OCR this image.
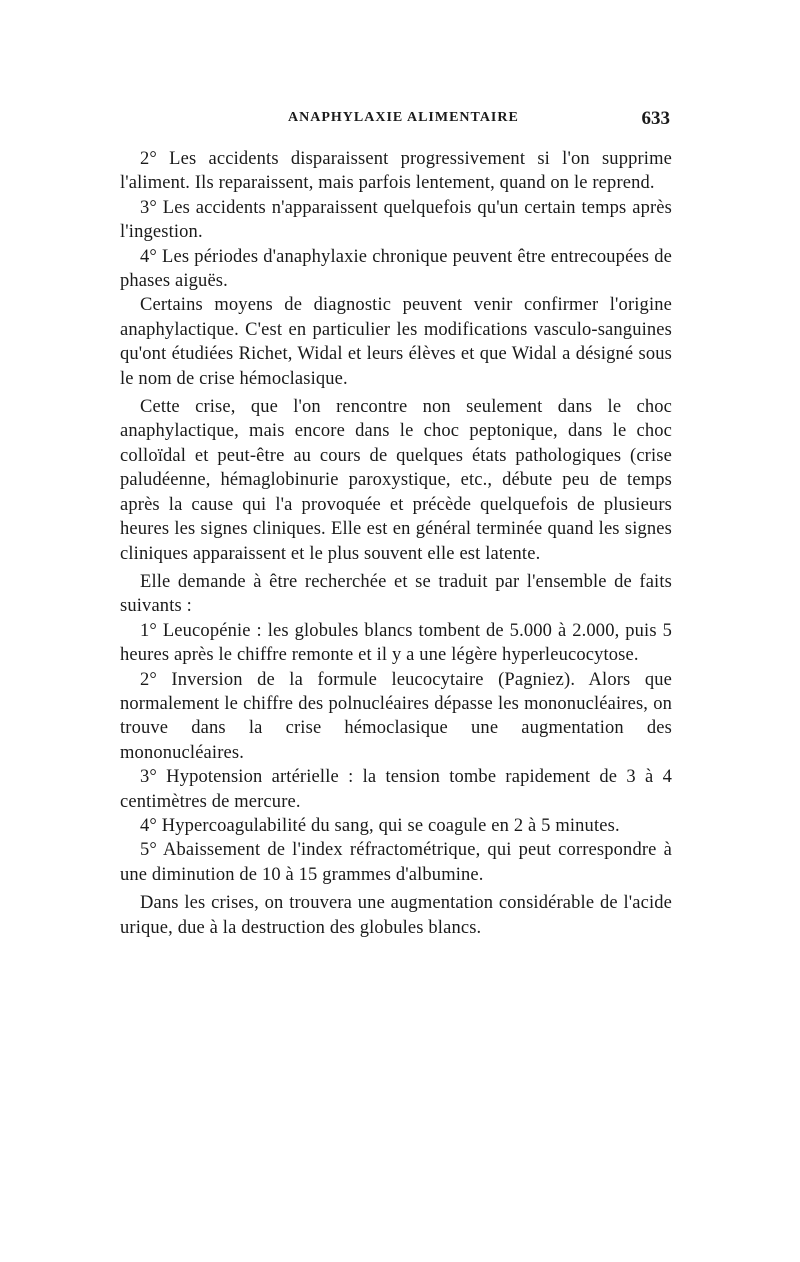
ANAPHYLAXIE ALIMENTAIRE	633

2° Les accidents disparaissent progressivement si l'on supprime l'aliment. Ils reparaissent, mais parfois lentement, quand on le reprend.

3° Les accidents n'apparaissent quelquefois qu'un certain temps après l'ingestion.

4° Les périodes d'anaphylaxie chronique peuvent être entrecoupées de phases aiguës.

Certains moyens de diagnostic peuvent venir confirmer l'origine anaphylactique. C'est en particulier les modifications vasculo-sanguines qu'ont étudiées Richet, Widal et leurs élèves et que Widal a désigné sous le nom de crise hémoclasique.

Cette crise, que l'on rencontre non seulement dans le choc anaphylactique, mais encore dans le choc peptonique, dans le choc colloïdal et peut-être au cours de quelques états pathologiques (crise paludéenne, hémaglobinurie paroxystique, etc., débute peu de temps après la cause qui l'a provoquée et précède quelquefois de plusieurs heures les signes cliniques. Elle est en général terminée quand les signes cliniques apparaissent et le plus souvent elle est latente.

Elle demande à être recherchée et se traduit par l'ensemble de faits suivants :

1° Leucopénie : les globules blancs tombent de 5.000 à 2.000, puis 5 heures après le chiffre remonte et il y a une légère hyperleucocytose.

2° Inversion de la formule leucocytaire (Pagniez). Alors que normalement le chiffre des polnucléaires dépasse les mononucléaires, on trouve dans la crise hémoclasique une augmentation des mononucléaires.

3° Hypotension artérielle : la tension tombe rapidement de 3 à 4 centimètres de mercure.

4° Hypercoagulabilité du sang, qui se coagule en 2 à 5 minutes.

5° Abaissement de l'index réfractométrique, qui peut correspondre à une diminution de 10 à 15 grammes d'albumine.

Dans les crises, on trouvera une augmentation considérable de l'acide urique, due à la destruction des globules blancs.
